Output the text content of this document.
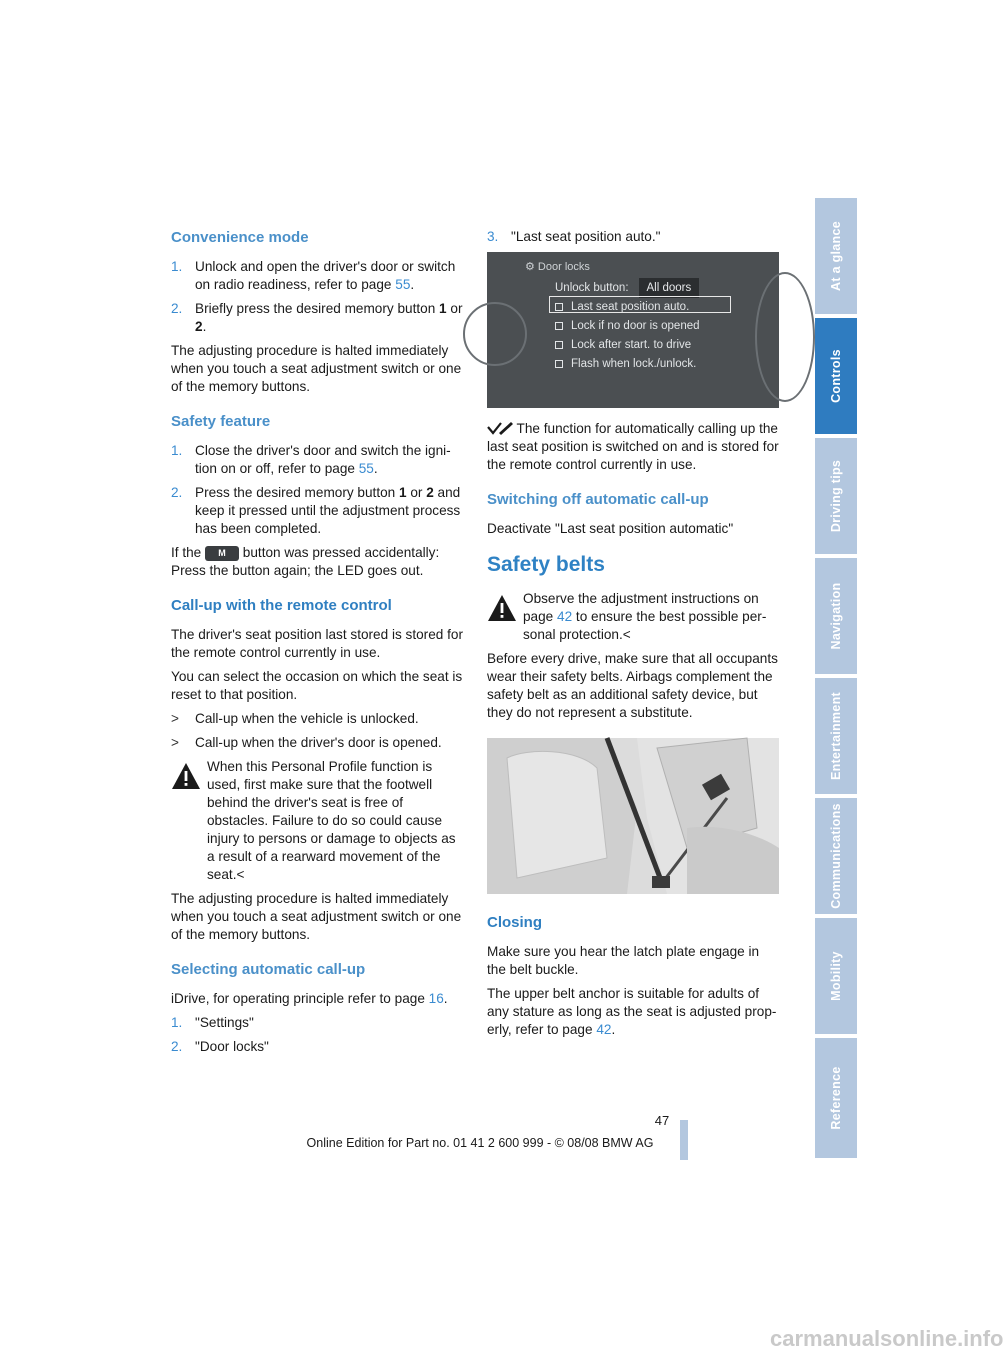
Convenience mode
1. Unlock and open the driver's door or switch on radio readiness, refer to page 55.
2. Briefly press the desired memory button 1 or 2.

The adjusting procedure is halted immediately when you touch a seat adjustment switch or one of the memory buttons.

Safety feature
1. Close the driver's door and switch the igni-tion on or off, refer to page 55.
2. Press the desired memory button 1 or 2 and keep it pressed until the adjustment process has been completed.

If the M button was pressed accidentally: Press the button again; the LED goes out.

Call-up with the remote control

The driver's seat position last stored is stored for the remote control currently in use.

You can select the occasion on which the seat is reset to that position.

>	Call-up when the vehicle is unlocked.
>	Call-up when the driver's door is opened.
When this Personal Profile function is used, first make sure that the footwell behind the driver's seat is free of obstacles. Failure to do so could cause injury to persons or damage to objects as a result of a rearward movement of the seat.<

The adjusting procedure is halted immediately when you touch a seat adjustment switch or one of the memory buttons.

Selecting automatic call-up

iDrive, for operating principle refer to page 16.

1. "Settings"
2. "Door locks"
3. "Last seat position auto."
⚙ Door locks
Unlock button: All doors
Last seat position auto.
Lock if no door is opened
Lock after start. to drive
Flash when lock./unlock.

The function for automatically calling up the last seat position is switched on and is stored for the remote control currently in use.

Switching off automatic call-up

Deactivate "Last seat position automatic"

Safety belts
Observe the adjustment instructions on page 42 to ensure the best possible per-sonal protection.<

Before every drive, make sure that all occupants wear their safety belts. Airbags complement the safety belt as an additional safety device, but they do not represent a substitute.

Closing

Make sure you hear the latch plate engage in the belt buckle.

The upper belt anchor is suitable for adults of any stature as long as the seat is adjusted prop-erly, refer to page 42.

At a glance
Controls
Driving tips
Navigation
Entertainment
Communications
Mobility
Reference
47
Online Edition for Part no. 01 41 2 600 999 - © 08/08 BMW AG
carmanualsonline.info
